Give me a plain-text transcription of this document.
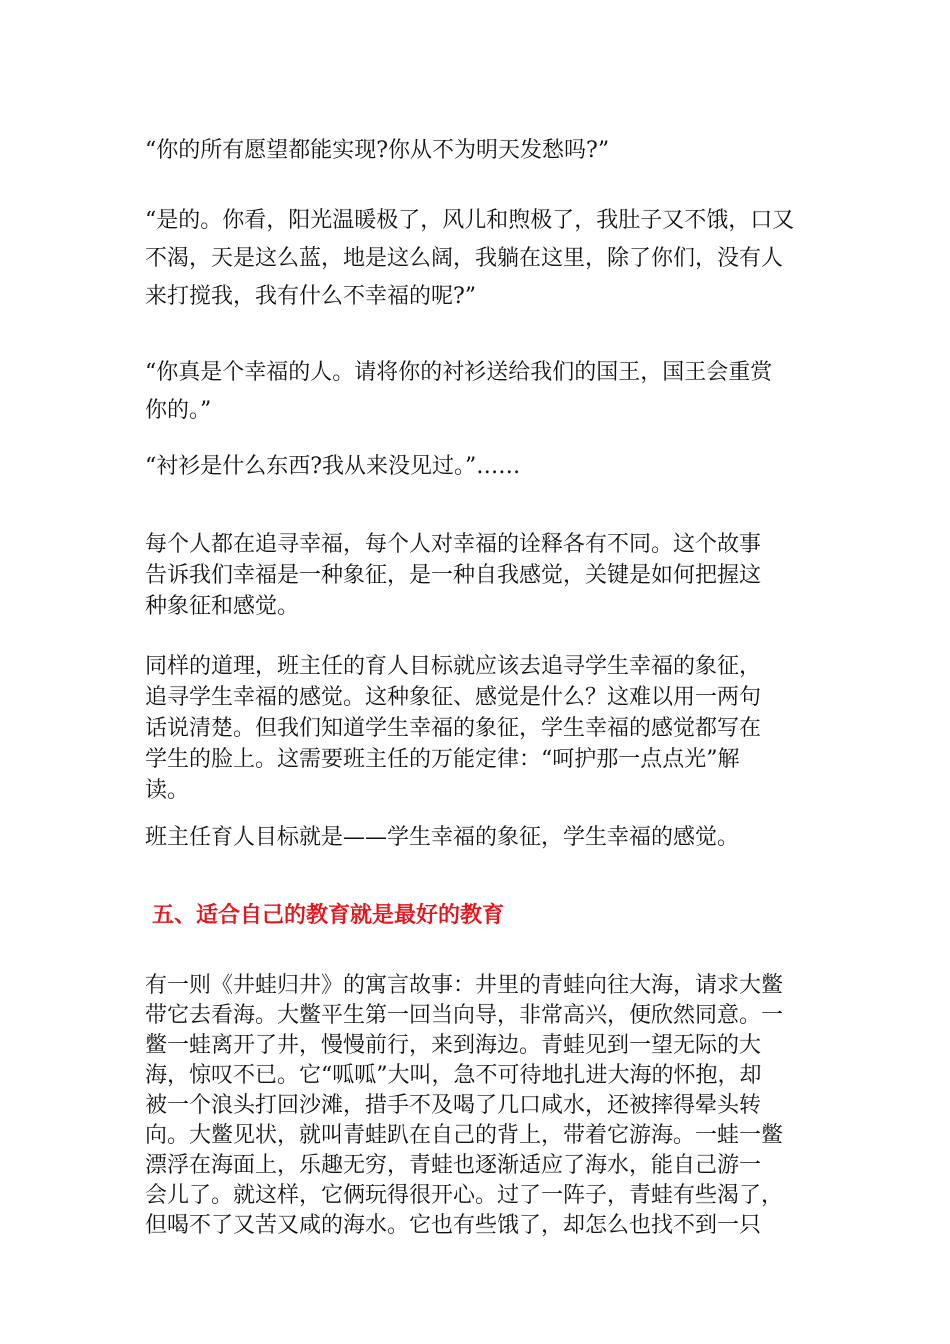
“你的所有愿望都能实现?你从不为明天发愁吗?”
“是的。你看，阳光温暖极了，风儿和煦极了，我肚子又不饿，口又
不渴，天是这么蓝，地是这么阔，我躺在这里，除了你们，没有人
来打搅我，我有什么不幸福的呢?”
“你真是个幸福的人。请将你的衬衫送给我们的国王，国王会重赏
你的。”
“衬衫是什么东西?我从来没见过。”……
每个人都在追寻幸福，每个人对幸福的诠释各有不同。这个故事
告诉我们幸福是一种象征，是一种自我感觉，关键是如何把握这
种象征和感觉。
同样的道理，班主任的育人目标就应该去追寻学生幸福的象征，
追寻学生幸福的感觉。这种象征、感觉是什么？这难以用一两句
话说清楚。但我们知道学生幸福的象征，学生幸福的感觉都写在
学生的脸上。这需要班主任的万能定律：“呵护那一点点光”解
读。
班主任育人目标就是——学生幸福的象征，学生幸福的感觉。
五、适合自己的教育就是最好的教育
有一则《井蛙归井》的寓言故事：井里的青蛙向往大海，请求大鳖
带它去看海。大鳖平生第一回当向导，非常高兴，便欣然同意。一
鳖一蛙离开了井，慢慢前行，来到海边。青蛙见到一望无际的大
海，惊叹不已。它“呱呱”大叫，急不可待地扎进大海的怀抱，却
被一个浪头打回沙滩，措手不及喝了几口咸水，还被摔得晕头转
向。大鳖见状，就叫青蛙趴在自己的背上，带着它游海。一蛙一鳖
漂浮在海面上，乐趣无穷，青蛙也逐渐适应了海水，能自己游一
会儿了。就这样，它俩玩得很开心。过了一阵子，青蛙有些渴了，
但喝不了又苦又咸的海水。它也有些饿了，却怎么也找不到一只
